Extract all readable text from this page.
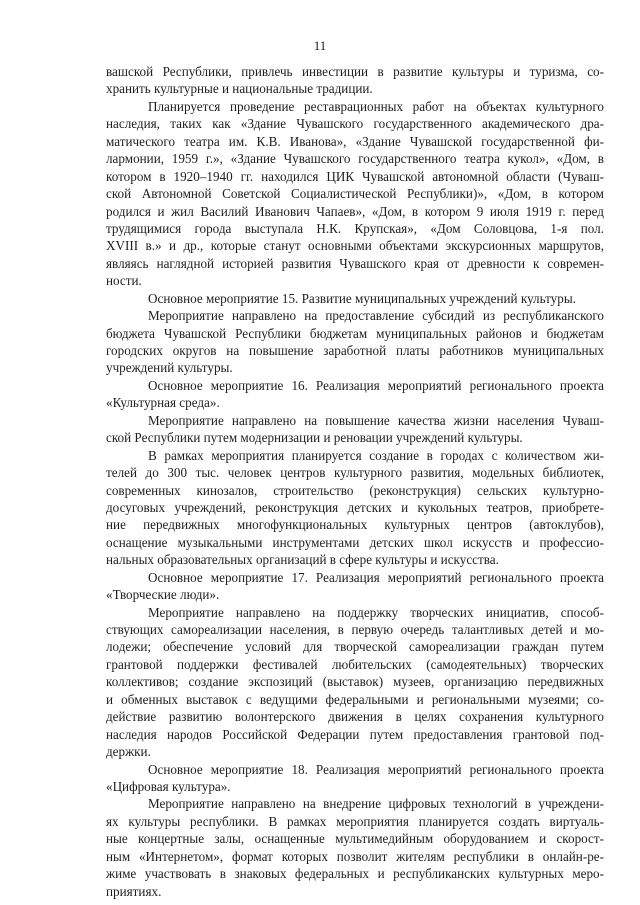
11
вашской Республики, привлечь инвестиции в развитие культуры и туризма, со-
хранить культурные и национальные традиции.
Планируется проведение реставрационных работ на объектах культурного
наследия, таких как «Здание Чувашского государственного академического дра-
матического театра им. К.В. Иванова», «Здание Чувашской государственной фи-
лармонии, 1959 г.», «Здание Чувашского государственного театра кукол», «Дом, в
котором в 1920–1940 гг. находился ЦИК Чувашской автономной области (Чуваш-
ской Автономной Советской Социалистической Республики)», «Дом, в котором
родился и жил Василий Иванович Чапаев», «Дом, в котором 9 июля 1919 г. перед
трудящимися города выступала Н.К. Крупская», «Дом Соловцова, 1-я пол.
XVIII в.» и др., которые станут основными объектами экскурсионных маршрутов,
являясь наглядной историей развития Чувашского края от древности к современ-
ности.
Основное мероприятие 15. Развитие муниципальных учреждений культуры.
Мероприятие направлено на предоставление субсидий из республиканского
бюджета Чувашской Республики бюджетам муниципальных районов и бюджетам
городских округов на повышение заработной платы работников муниципальных
учреждений культуры.
Основное мероприятие 16. Реализация мероприятий регионального проекта
«Культурная среда».
Мероприятие направлено на повышение качества жизни населения Чуваш-
ской Республики путем модернизации и реновации учреждений культуры.
В рамках мероприятия планируется создание в городах с количеством жи-
телей до 300 тыс. человек центров культурного развития, модельных библиотек,
современных кинозалов, строительство (реконструкция) сельских культурно-
досуговых учреждений, реконструкция детских и кукольных театров, приобрете-
ние передвижных многофункциональных культурных центров (автоклубов),
оснащение музыкальными инструментами детских школ искусств и профессио-
нальных образовательных организаций в сфере культуры и искусства.
Основное мероприятие 17. Реализация мероприятий регионального проекта
«Творческие люди».
Мероприятие направлено на поддержку творческих инициатив, способ-
ствующих самореализации населения, в первую очередь талантливых детей и мо-
лодежи; обеспечение условий для творческой самореализации граждан путем
грантовой поддержки фестивалей любительских (самодеятельных) творческих
коллективов; создание экспозиций (выставок) музеев, организацию передвижных
и обменных выставок с ведущими федеральными и региональными музеями; со-
действие развитию волонтерского движения в целях сохранения культурного
наследия народов Российской Федерации путем предоставления грантовой под-
держки.
Основное мероприятие 18. Реализация мероприятий регионального проекта
«Цифровая культура».
Мероприятие направлено на внедрение цифровых технологий в учреждени-
ях культуры республики. В рамках мероприятия планируется создать виртуаль-
ные концертные залы, оснащенные мультимедийным оборудованием и скорост-
ным «Интернетом», формат которых позволит жителям республики в онлайн-ре-
жиме участвовать в знаковых федеральных и республиканских культурных меро-
приятиях.
